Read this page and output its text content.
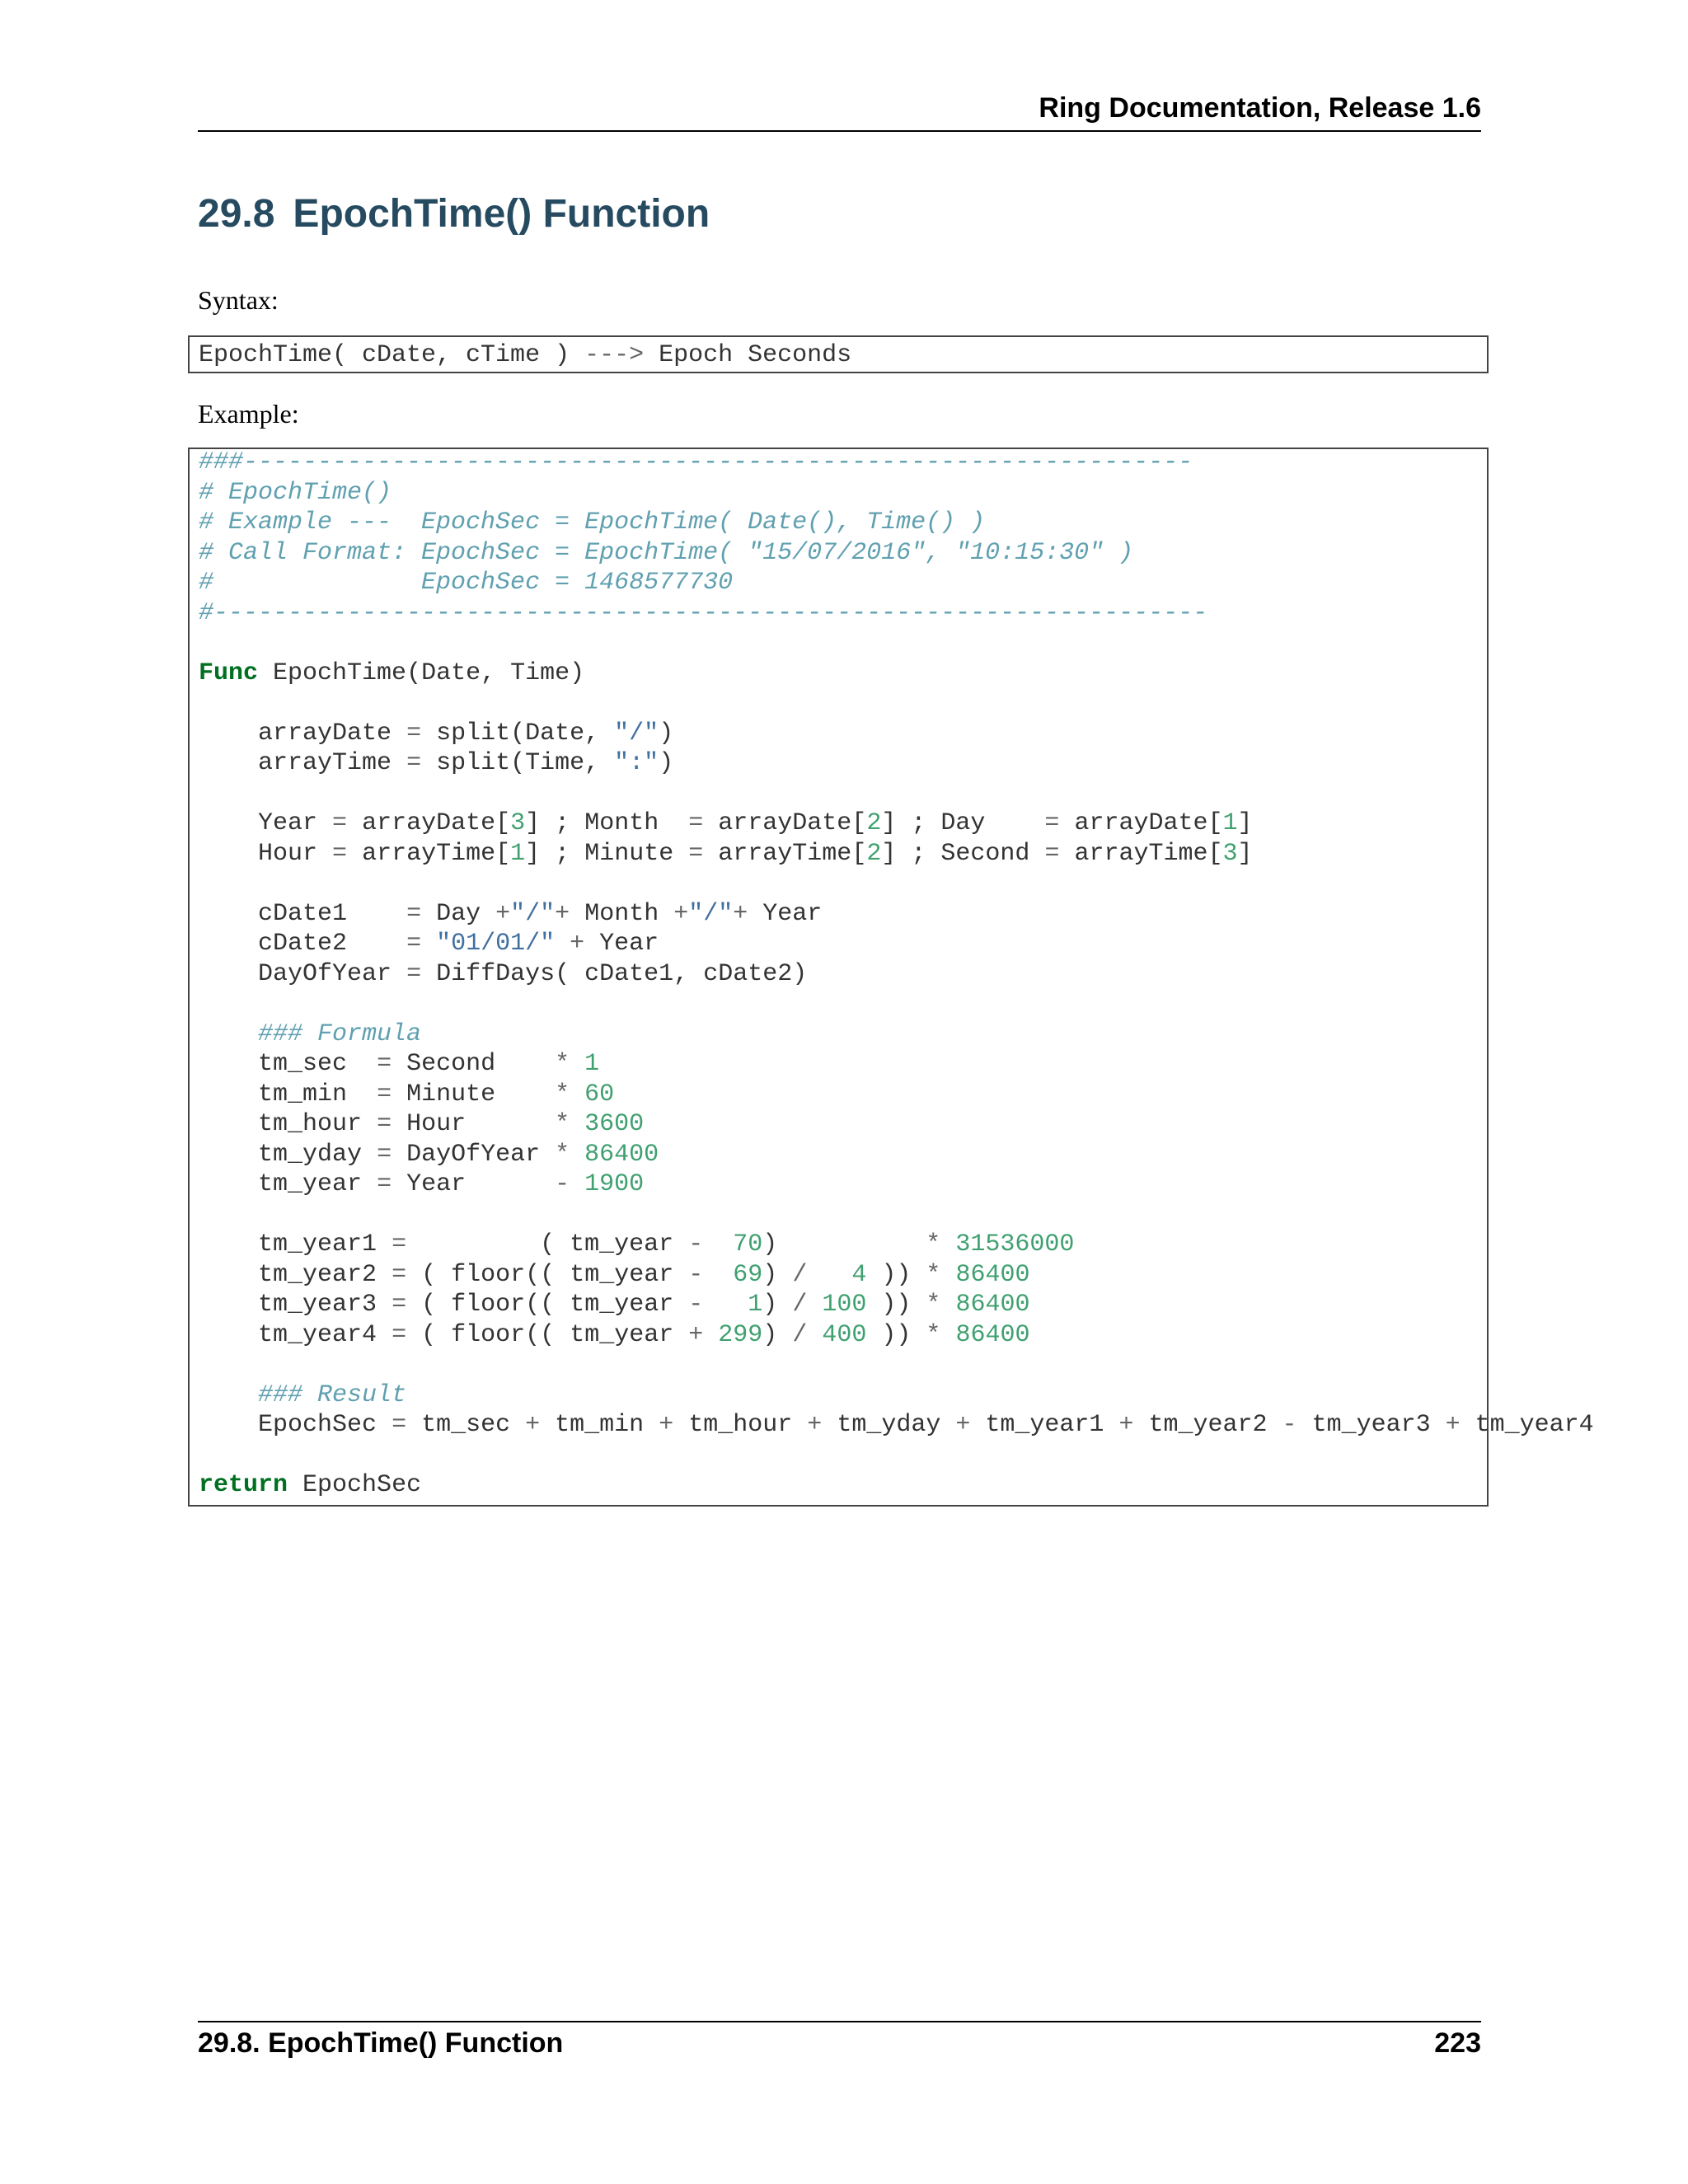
Ring Documentation, Release 1.6
29.8 EpochTime() Function
Syntax:
EpochTime( cDate, cTime ) ---> Epoch Seconds
Example:
###----------------------------------------------------------------
# EpochTime()
# Example ---  EpochSec = EpochTime( Date(), Time() )
# Call Format: EpochSec = EpochTime( "15/07/2016", "10:15:30" )
#              EpochSec = 1468577730
#-------------------------------------------------------------------

Func EpochTime(Date, Time)

arrayDate = split(Date, "/")
arrayTime = split(Time, ":")

Year = arrayDate[3] ; Month = arrayDate[2] ; Day = arrayDate[1]
Hour = arrayTime[1] ; Minute = arrayTime[2] ; Second = arrayTime[3]

cDate1 = Day +"/"+ Month +"/"+ Year
cDate2 = "01/01/" + Year
DayOfYear = DiffDays( cDate1, cDate2)

### Formula
tm_sec = Second * 1
tm_min = Minute * 60
tm_hour = Hour	* 3600
tm_yday = DayOfYear * 86400
tm_year = Year	- 1900

tm_year1 =	( tm_year - 70)	* 31536000
tm_year2 = ( floor(( tm_year - 69) / 4 )) * 86400
tm_year3 = ( floor(( tm_year - 1) / 100 )) * 86400
tm_year4 = ( floor(( tm_year + 299) / 400 )) * 86400

### Result
EpochSec = tm_sec + tm_min + tm_hour + tm_yday + tm_year1 + tm_year2 - tm_year3 + tm_year4

return EpochSec
29.8. EpochTime() Function	223
